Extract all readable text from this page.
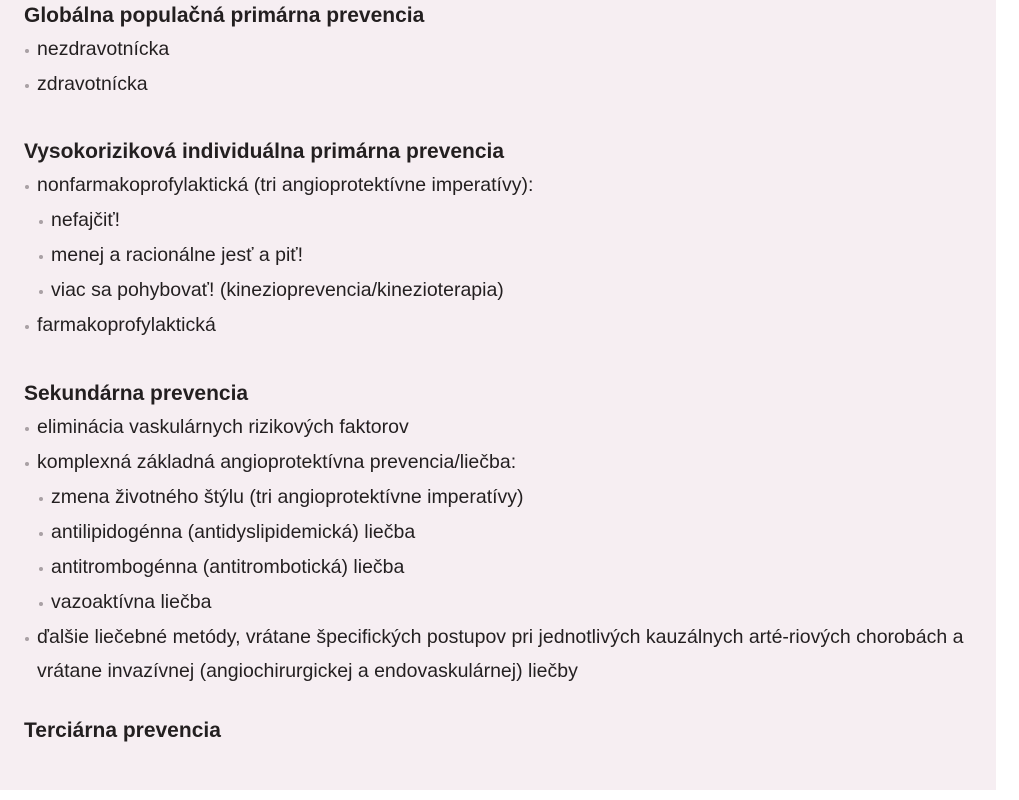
Globálna populačná primárna prevencia
nezdravotnícka
zdravotnícka
Vysokoriziková individuálna primárna prevencia
nonfarmakoprofylaktická (tri angioprotektívne imperatívy):
nefajčiť!
menej a racionálne jesť a piť!
viac sa pohybovať! (kinezioprevencia/kinezioterapia)
farmakoprofylaktická
Sekundárna prevencia
eliminácia vaskulárnych rizikových faktorov
komplexná základná angioprotektívna prevencia/liečba:
zmena životného štýlu (tri angioprotektívne imperatívy)
antilipidogénna (antidyslipidemická) liečba
antitrombogénna (antitrombotická) liečba
vazoaktívna liečba
ďalšie liečebné metódy, vrátane špecifických postupov pri jednotlivých kauzálnych arté-riových chorobách a vrátane invazívnej (angiochirurgickej a endovaskulárnej) liečby
Terciárna prevencia
